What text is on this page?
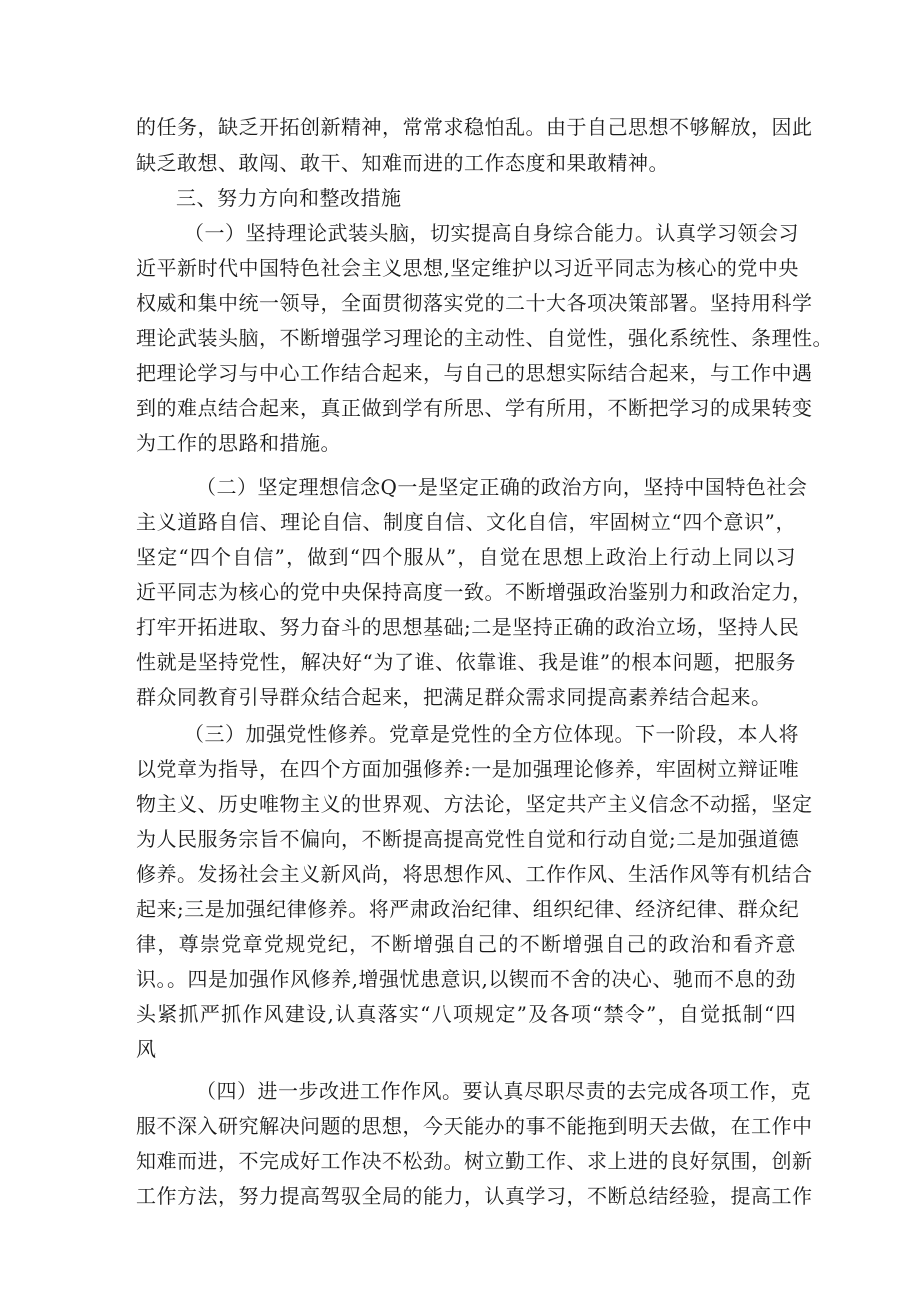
的任务，缺乏开拓创新精神，常常求稳怕乱。由于自己思想不够解放，因此
缺乏敢想、敢闯、敢干、知难而进的工作态度和果敢精神。
三、努力方向和整改措施
（一）坚持理论武装头脑，切实提高自身综合能力。认真学习领会习
近平新时代中国特色社会主义思想,坚定维护以习近平同志为核心的党中央
权威和集中统一领导，全面贯彻落实党的二十大各项决策部署。坚持用科学
理论武装头脑，不断增强学习理论的主动性、自觉性，强化系统性、条理性。
把理论学习与中心工作结合起来，与自己的思想实际结合起来，与工作中遇
到的难点结合起来，真正做到学有所思、学有所用，不断把学习的成果转变
为工作的思路和措施。
（二）坚定理想信念Q一是坚定正确的政治方向，坚持中国特色社会
主义道路自信、理论自信、制度自信、文化自信，牢固树立“四个意识”，
坚定“四个自信”，做到“四个服从”，自觉在思想上政治上行动上同以习
近平同志为核心的党中央保持高度一致。不断增强政治鉴别力和政治定力，
打牢开拓进取、努力奋斗的思想基础;二是坚持正确的政治立场，坚持人民
性就是坚持党性，解决好“为了谁、依靠谁、我是谁”的根本问题，把服务
群众同教育引导群众结合起来，把满足群众需求同提高素养结合起来。
（三）加强党性修养。党章是党性的全方位体现。下一阶段，本人将
以党章为指导，在四个方面加强修养:一是加强理论修养，牢固树立辩证唯
物主义、历史唯物主义的世界观、方法论，坚定共产主义信念不动摇，坚定
为人民服务宗旨不偏向，不断提高提高党性自觉和行动自觉;二是加强道德
修养。发扬社会主义新风尚，将思想作风、工作作风、生活作风等有机结合
起来;三是加强纪律修养。将严肃政治纪律、组织纪律、经济纪律、群众纪
律，尊崇党章党规党纪，不断增强自己的不断增强自己的政治和看齐意
识。。四是加强作风修养,增强忧患意识,以锲而不舍的决心、驰而不息的劲
头紧抓严抓作风建设,认真落实“八项规定”及各项“禁令”，自觉抵制“四
风
（四）进一步改进工作作风。要认真尽职尽责的去完成各项工作，克
服不深入研究解决问题的思想，今天能办的事不能拖到明天去做，在工作中
知难而进，不完成好工作决不松劲。树立勤工作、求上进的良好氛围，创新
工作方法，努力提高驾驭全局的能力，认真学习，不断总结经验，提高工作
